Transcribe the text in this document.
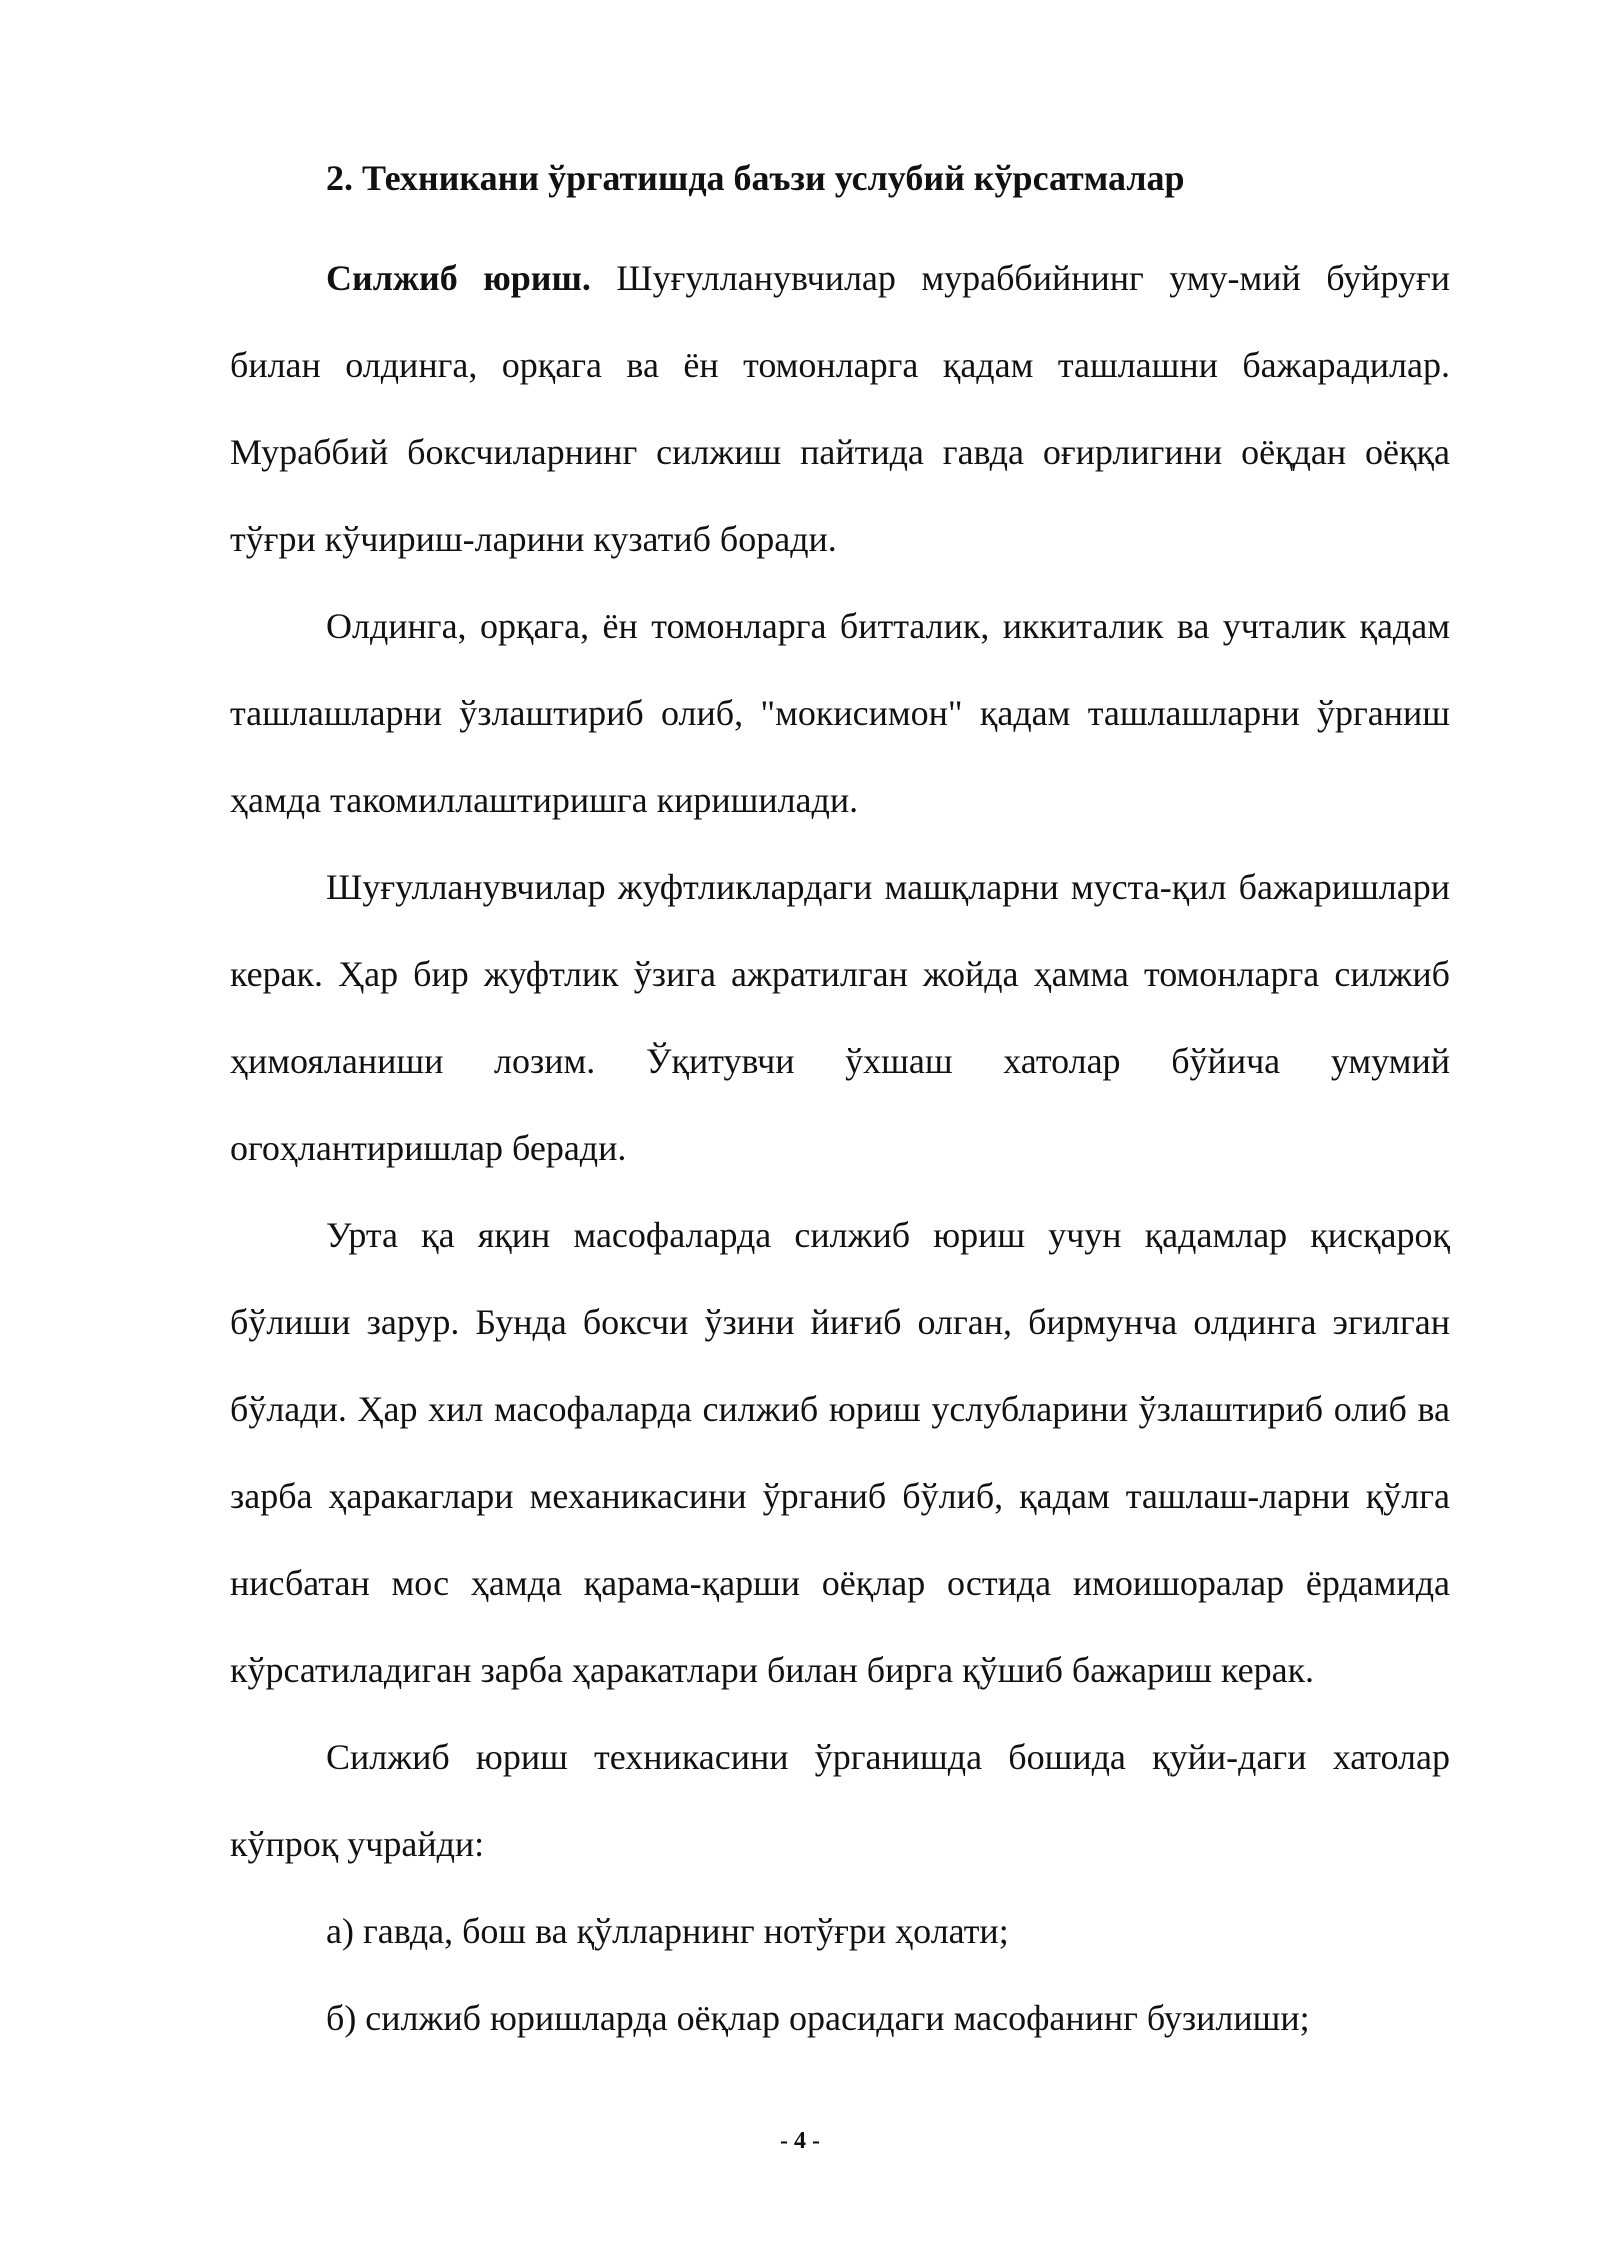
2. Техникани ўргатишда баъзи услубий кўрсатмалар

Силжиб юриш. Шуғулланувчилар мураббийнинг уму-мий буйруғи билан олдинга, орқага ва ён томонларга қадам ташлашни бажарадилар. Мураббий боксчиларнинг силжиш пайтида гавда оғирлигини оёқдан оёққа тўғри кўчириш-ларини кузатиб боради.

Олдинга, орқага, ён томонларга битталик, иккиталик ва учталик қадам ташлашларни ўзлаштириб олиб, "мокисимон" қадам ташлашларни ўрганиш ҳамда такомиллаштиришга киришилади.

Шуғулланувчилар жуфтликлардаги машқларни муста-қил бажаришлари керак. Ҳар бир жуфтлик ўзига ажратилган жойда ҳамма томонларга силжиб ҳимояланиши лозим. Ўқитувчи ўхшаш хатолар бўйича умумий огоҳлантиришлар беради.

Урта қа яқин масофаларда силжиб юриш учун қадамлар қисқароқ бўлиши зарур. Бунда боксчи ўзини йиғиб олган, бирмунча олдинга эгилган бўлади. Ҳар хил масофаларда силжиб юриш услубларини ўзлаштириб олиб ва зарба ҳаракаглари механикасини ўрганиб бўлиб, қадам ташлаш-ларни қўлга нисбатан мос ҳамда қарама-қарши оёқлар остида имоишоралар ёрдамида кўрсатиладиган зарба ҳаракатлари билан бирга қўшиб бажариш керак.

Силжиб юриш техникасини ўрганишда бошида қуйи-даги хатолар кўпроқ учрайди:

а) гавда, бош ва қўлларнинг нотўғри ҳолати;

б) силжиб юришларда оёқлар орасидаги масофанинг бузилиши;

- 4 -
